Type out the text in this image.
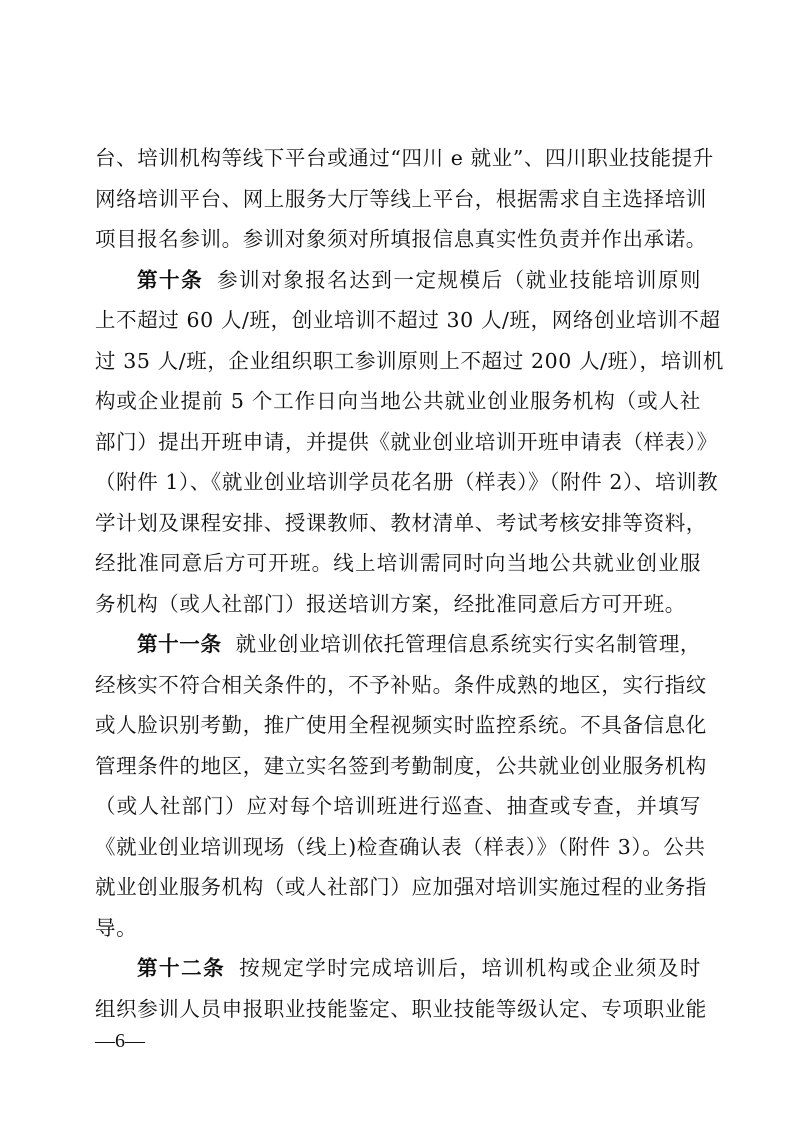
台、培训机构等线下平台或通过“四川 e 就业”、四川职业技能提升
网络培训平台、网上服务大厅等线上平台，根据需求自主选择培训
项目报名参训。参训对象须对所填报信息真实性负责并作出承诺。
第十条 参训对象报名达到一定规模后（就业技能培训原则
上不超过 60 人/班，创业培训不超过 30 人/班，网络创业培训不超
过 35 人/班，企业组织职工参训原则上不超过 200 人/班），培训机
构或企业提前 5 个工作日向当地公共就业创业服务机构（或人社
部门）提出开班申请，并提供《就业创业培训开班申请表（样表）》
（附件 1）、《就业创业培训学员花名册（样表）》（附件 2）、培训教
学计划及课程安排、授课教师、教材清单、考试考核安排等资料，
经批准同意后方可开班。线上培训需同时向当地公共就业创业服
务机构（或人社部门）报送培训方案，经批准同意后方可开班。
第十一条 就业创业培训依托管理信息系统实行实名制管理，
经核实不符合相关条件的，不予补贴。条件成熟的地区，实行指纹
或人脸识别考勤，推广使用全程视频实时监控系统。不具备信息化
管理条件的地区，建立实名签到考勤制度，公共就业创业服务机构
（或人社部门）应对每个培训班进行巡查、抽查或专查，并填写
《就业创业培训现场（线上)检查确认表（样表）》（附件 3）。公共
就业创业服务机构（或人社部门）应加强对培训实施过程的业务指
导。
第十二条 按规定学时完成培训后，培训机构或企业须及时
组织参训人员申报职业技能鉴定、职业技能等级认定、专项职业能
—6—
